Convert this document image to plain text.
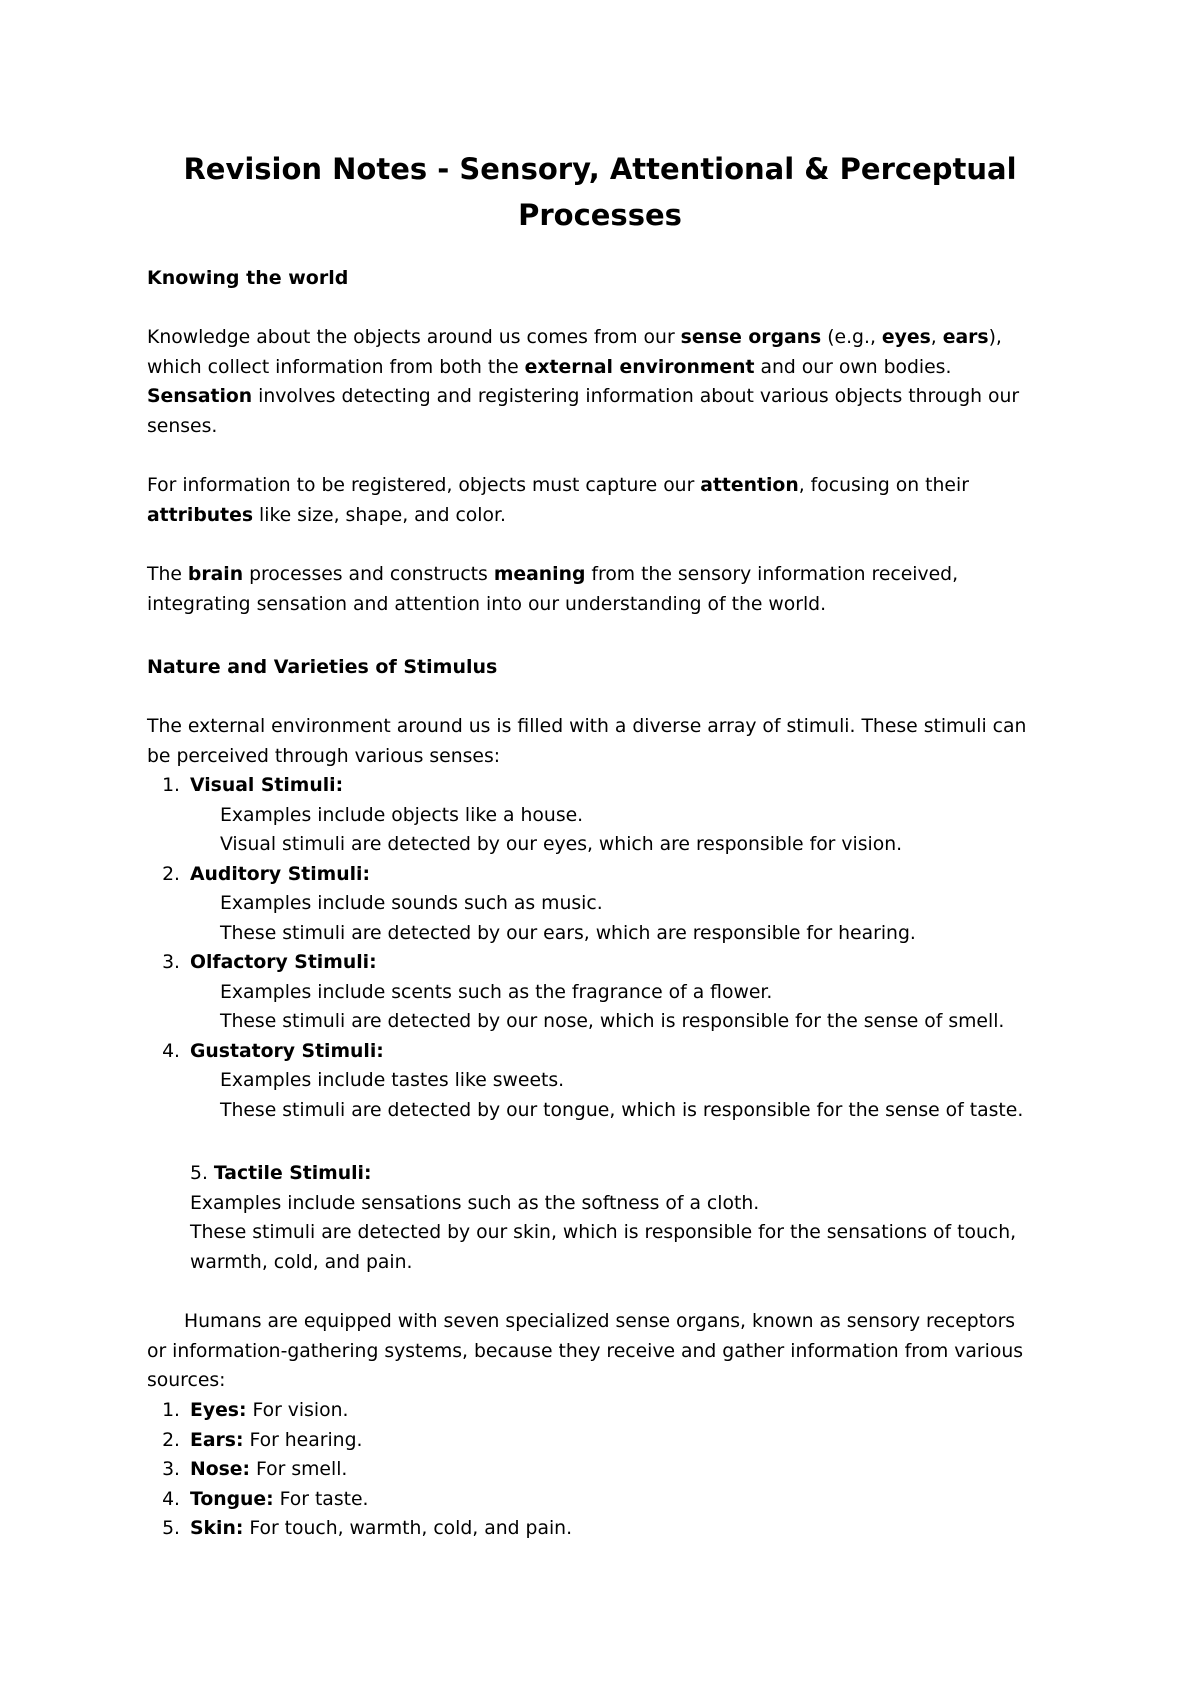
Revision Notes - Sensory, Attentional & Perceptual
Processes
Knowing the world
Knowledge about the objects around us comes from our sense organs (e.g., eyes, ears),
which collect information from both the external environment and our own bodies.
Sensation involves detecting and registering information about various objects through our
senses.
For information to be registered, objects must capture our attention, focusing on their
attributes like size, shape, and color.
The brain processes and constructs meaning from the sensory information received,
integrating sensation and attention into our understanding of the world.
Nature and Varieties of Stimulus
The external environment around us is filled with a diverse array of stimuli. These stimuli can
be perceived through various senses:
1. Visual Stimuli:
Examples include objects like a house.
Visual stimuli are detected by our eyes, which are responsible for vision.
2. Auditory Stimuli:
Examples include sounds such as music.
These stimuli are detected by our ears, which are responsible for hearing.
3. Olfactory Stimuli:
Examples include scents such as the fragrance of a flower.
These stimuli are detected by our nose, which is responsible for the sense of smell.
4. Gustatory Stimuli:
Examples include tastes like sweets.
These stimuli are detected by our tongue, which is responsible for the sense of taste.
5. Tactile Stimuli:
Examples include sensations such as the softness of a cloth.
These stimuli are detected by our skin, which is responsible for the sensations of touch,
warmth, cold, and pain.
Humans are equipped with seven specialized sense organs, known as sensory receptors
or information-gathering systems, because they receive and gather information from various
sources:
1. Eyes: For vision.
2. Ears: For hearing.
3. Nose: For smell.
4. Tongue: For taste.
5. Skin: For touch, warmth, cold, and pain.
